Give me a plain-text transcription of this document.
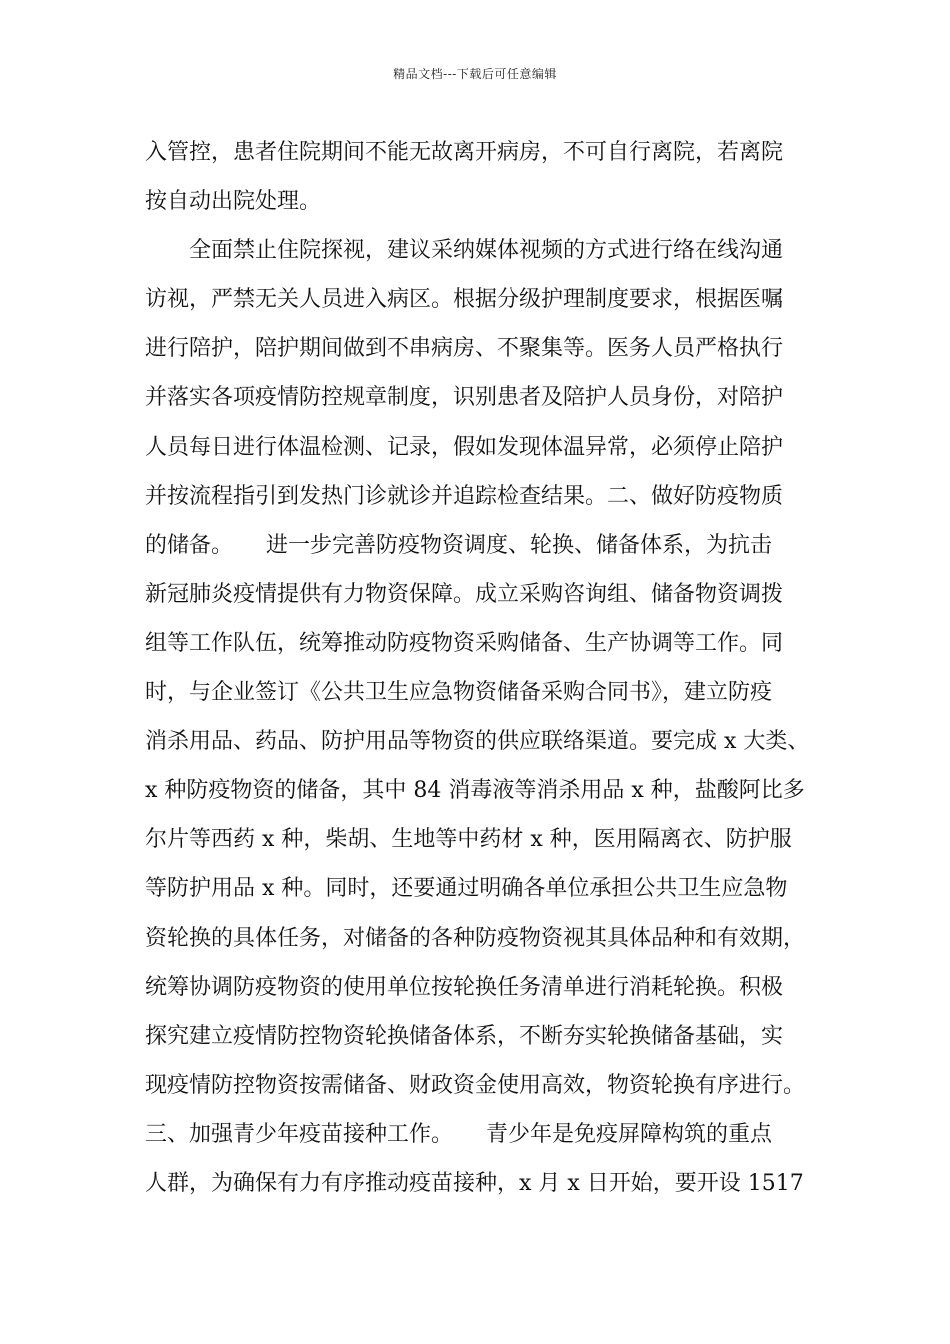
精品文档---下载后可任意编辑
入管控，患者住院期间不能无故离开病房，不可自行离院，若离院
按自动出院处理。
　　全面禁止住院探视，建议采纳媒体视频的方式进行络在线沟通
访视，严禁无关人员进入病区。根据分级护理制度要求，根据医嘱
进行陪护，陪护期间做到不串病房、不聚集等。医务人员严格执行
并落实各项疫情防控规章制度，识别患者及陪护人员身份，对陪护
人员每日进行体温检测、记录，假如发现体温异常，必须停止陪护
并按流程指引到发热门诊就诊并追踪检查结果。二、做好防疫物质
的储备。　　进一步完善防疫物资调度、轮换、储备体系，为抗击
新冠肺炎疫情提供有力物资保障。成立采购咨询组、储备物资调拨
组等工作队伍，统筹推动防疫物资采购储备、生产协调等工作。同
时，与企业签订《公共卫生应急物资储备采购合同书》，建立防疫
消杀用品、药品、防护用品等物资的供应联络渠道。要完成 x 大类、
x 种防疫物资的储备，其中 84 消毒液等消杀用品 x 种，盐酸阿比多
尔片等西药 x 种，柴胡、生地等中药材 x 种，医用隔离衣、防护服
等防护用品 x 种。同时，还要通过明确各单位承担公共卫生应急物
资轮换的具体任务，对储备的各种防疫物资视其具体品种和有效期，
统筹协调防疫物资的使用单位按轮换任务清单进行消耗轮换。积极
探究建立疫情防控物资轮换储备体系，不断夯实轮换储备基础，实
现疫情防控物资按需储备、财政资金使用高效，物资轮换有序进行。
三、加强青少年疫苗接种工作。　　青少年是免疫屏障构筑的重点
人群，为确保有力有序推动疫苗接种，x 月 x 日开始，要开设 1517
